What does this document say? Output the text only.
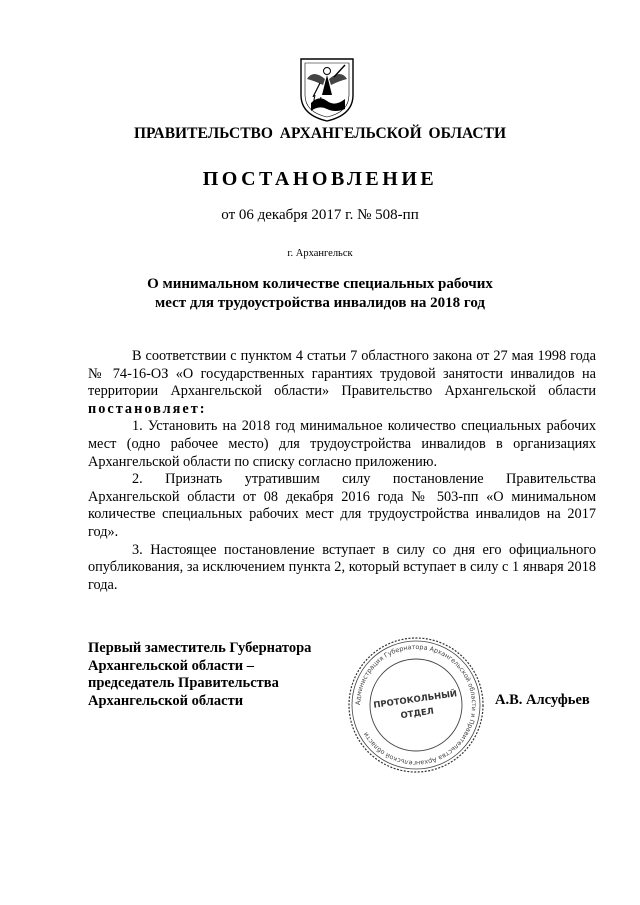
ПРАВИТЕЛЬСТВО АРХАНГЕЛЬСКОЙ ОБЛАСТИ
ПОСТАНОВЛЕНИЕ
от 06 декабря 2017 г. № 508-пп
г. Архангельск
О минимальном количестве специальных рабочих
мест для трудоустройства инвалидов на 2018 год

В соответствии с пунктом 4 статьи 7 областного закона от 27 мая 1998 года № 74-16-ОЗ «О государственных гарантиях трудовой занятости инвалидов на территории Архангельской области» Правительство Архангельской области постановляет:

1. Установить на 2018 год минимальное количество специальных рабочих мест (одно рабочее место) для трудоустройства инвалидов в организациях Архангельской области по списку согласно приложению.

2. Признать утратившим силу постановление Правительства Архангельской области от 08 декабря 2016 года № 503-пп «О минимальном количестве специальных рабочих мест для трудоустройства инвалидов на 2017 год».

3. Настоящее постановление вступает в силу со дня его официального опубликования, за исключением пункта 2, который вступает в силу с 1 января 2018 года.

Первый заместитель Губернатора
Архангельской области –
председатель Правительства
Архангельской области	Администрация Губернатора Архангельской области и Правительства Архангельской области
ПРОТОКОЛЬНЫЙ
ОТДЕЛ
А.В. Алсуфьев
